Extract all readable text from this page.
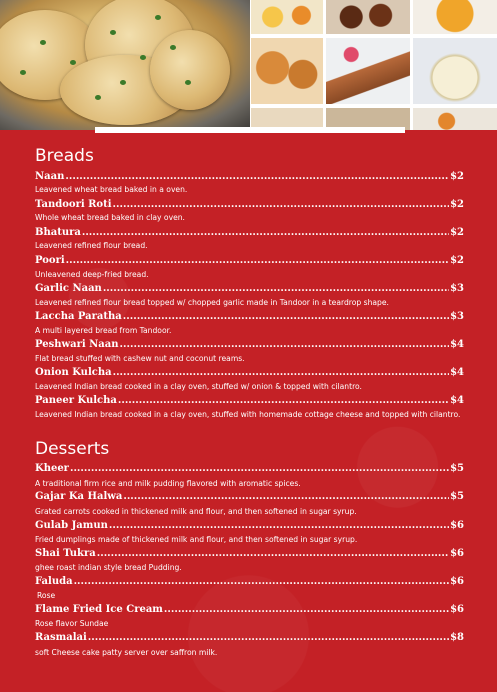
Breads
Naan .....	$2
Leavened wheat bread baked in a oven.
Tandoori Roti .....	$2
Whole wheat bread baked in clay oven.
Bhatura .....	$2
Leavened refined flour bread.
Poori .....	$2
Unleavened deep-fried bread.
Garlic Naan .....	$3
Leavened refined flour bread topped w/ chopped garlic made in Tandoor in a teardrop shape.
Laccha Paratha .....	$3
A multi layered bread from Tandoor.
Peshwari Naan .....	$4
Flat bread stuffed with cashew nut and coconut reams.
Onion Kulcha .....	$4
Leavened Indian bread cooked in a clay oven, stuffed w/ onion & topped with cilantro.
Paneer Kulcha .....	$4
Leavened Indian bread cooked in a clay oven, stuffed with homemade cottage cheese and topped with cilantro.
Desserts
Kheer .....	$5
A traditional firm rice and milk pudding flavored with aromatic spices.
Gajar Ka Halwa .....	$5
Grated carrots cooked in thickened milk and flour, and then softened in sugar syrup.
Gulab Jamun .....	$6
Fried dumplings made of thickened milk and flour, and then softened in sugar syrup.
Shai Tukra .....	$6
ghee roast indian style bread Pudding.
Faluda .....	$6
Rose
Flame Fried Ice Cream .....	$6
Rose flavor Sundae
Rasmalai .....	$8
soft Cheese cake patty server over saffron milk.
